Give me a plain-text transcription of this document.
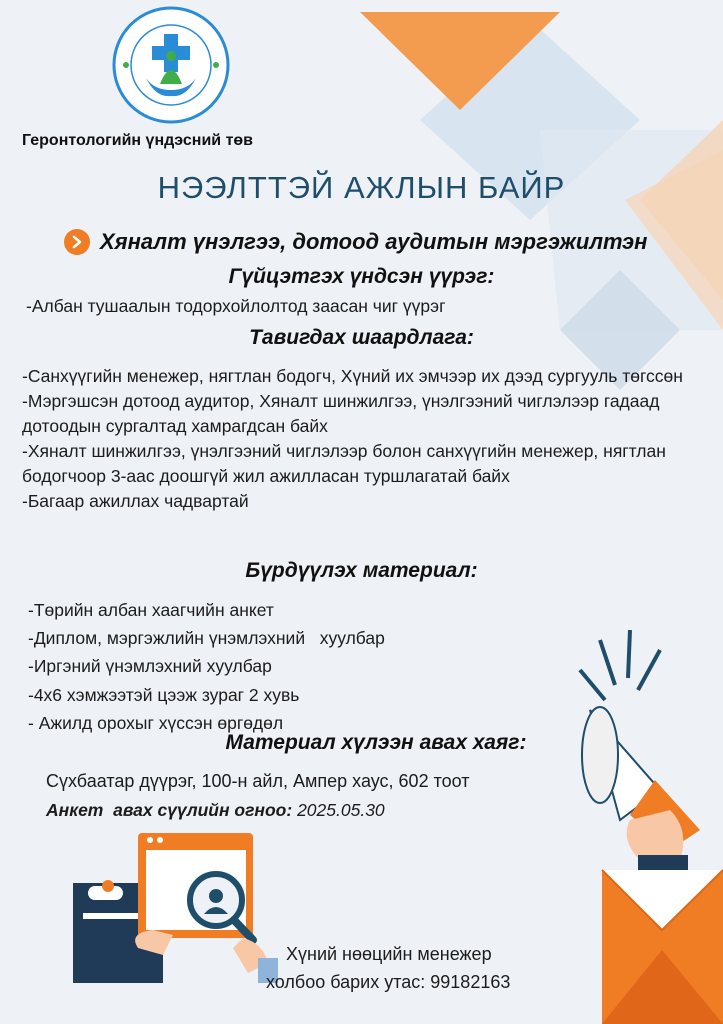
Геронтологийн үндэсний төв
НЭЭЛТТЭЙ АЖЛЫН БАЙР
Хяналт үнэлгээ, дотоод аудитын мэргэжилтэн
Гүйцэтгэх үндсэн үүрэг:
-Албан тушаалын тодорхойлолтод заасан чиг үүрэг
Тавигдах шаардлага:

-Санхүүгийн менежер, нягтлан бодогч, Хүний их эмчээр их дээд сургууль төгссөн

-Мэргэшсэн дотоод аудитор, Хяналт шинжилгээ, үнэлгээний чиглэлээр гадаад дотоодын сургалтад хамрагдсан байх

-Хяналт шинжилгээ, үнэлгээний чиглэлээр болон санхүүгийн менежер, нягтлан бодогчоор 3-аас доошгүй жил ажилласан туршлагатай байх

-Багаар ажиллах чадвартай

Бүрдүүлэх материал:

-Төрийн албан хаагчийн анкет

-Диплом, мэргэжлийн үнэмлэхний   хуулбар

-Иргэний үнэмлэхний хуулбар

-4x6 хэмжээтэй цээж зураг 2 хувь

- Ажилд орохыг хүссэн өргөдөл

Материал хүлээн авах хаяг:
Сүхбаатар дүүрэг, 100-н айл, Ампер хаус, 602 тоот
Анкет  авах сүүлийн огноо: 2025.05.30
Хүний нөөцийн менежер
холбоо барих утас: 99182163
